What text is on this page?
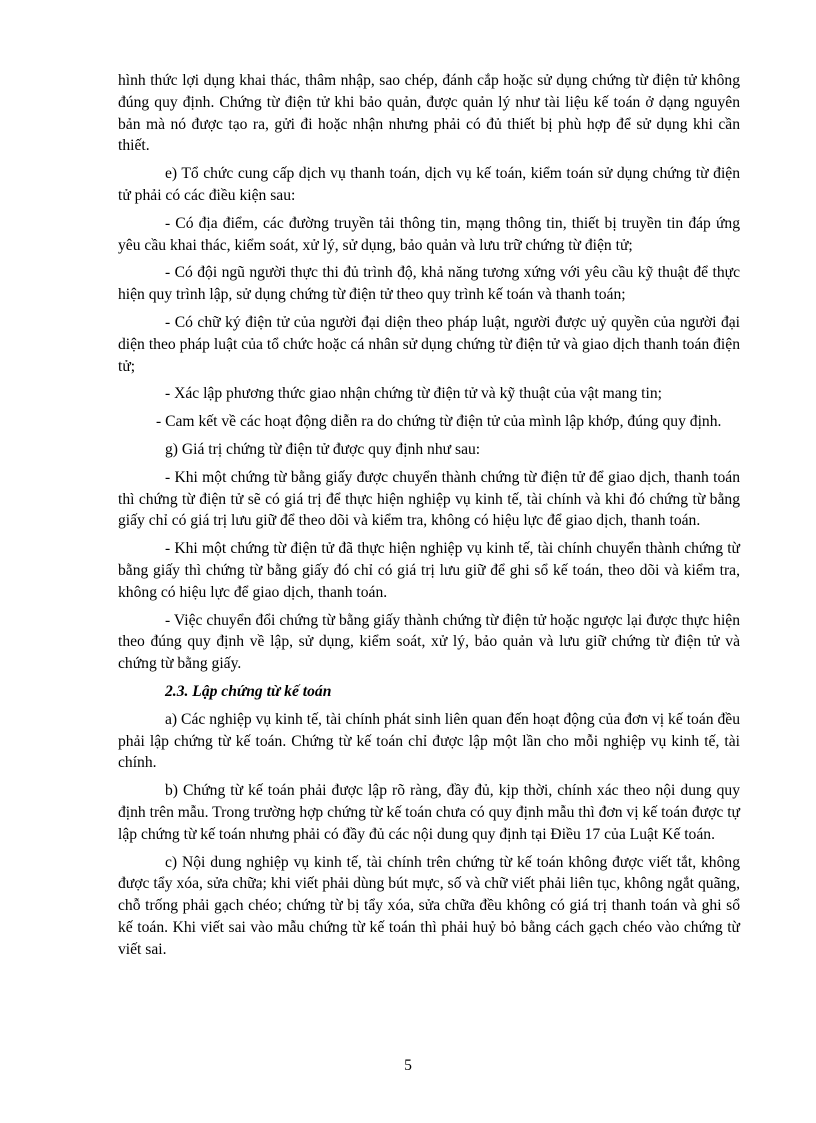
hình thức lợi dụng khai thác, thâm nhập, sao chép, đánh cắp hoặc sử dụng chứng từ điện tử không đúng quy định. Chứng từ điện tử khi bảo quản, được quản lý như tài liệu kế toán ở dạng nguyên bản mà nó được tạo ra, gửi đi hoặc nhận nhưng phải có đủ thiết bị phù hợp để sử dụng khi cần thiết.

e) Tổ chức cung cấp dịch vụ thanh toán, dịch vụ kế toán, kiểm toán sử dụng chứng từ điện tử phải có các điều kiện sau:

- Có địa điểm, các đường truyền tải thông tin, mạng thông tin, thiết bị truyền tin đáp ứng yêu cầu khai thác, kiểm soát, xử lý, sử dụng, bảo quản và lưu trữ chứng từ điện tử;

- Có đội ngũ người thực thi đủ trình độ, khả năng tương xứng với yêu cầu kỹ thuật để thực hiện quy trình lập, sử dụng chứng từ điện tử theo quy trình kế toán và thanh toán;

- Có chữ ký điện tử của người đại diện theo pháp luật, người được uỷ quyền của người đại diện theo pháp luật của tổ chức hoặc cá nhân sử dụng chứng từ điện tử và giao dịch thanh toán điện tử;

- Xác lập phương thức giao nhận chứng từ điện tử và kỹ thuật của vật mang tin;

- Cam kết về các hoạt động diễn ra do chứng từ điện tử của mình lập khớp, đúng quy định.

g) Giá trị chứng từ điện tử được quy định như sau:

- Khi một chứng từ bằng giấy được chuyển thành chứng từ điện tử để giao dịch, thanh toán thì chứng từ điện tử sẽ có giá trị để thực hiện nghiệp vụ kinh tế, tài chính và khi đó chứng từ bằng giấy chỉ có giá trị lưu giữ để theo dõi và kiểm tra, không có hiệu lực để giao dịch, thanh toán.

- Khi một chứng từ điện tử đã thực hiện nghiệp vụ kinh tế, tài chính chuyển thành chứng từ bằng giấy thì chứng từ bằng giấy đó chỉ có giá trị lưu giữ để ghi sổ kế toán, theo dõi và kiểm tra, không có hiệu lực để giao dịch, thanh toán.

- Việc chuyển đổi chứng từ bằng giấy thành chứng từ điện tử hoặc ngược lại được thực hiện theo đúng quy định về lập, sử dụng, kiểm soát, xử lý, bảo quản và lưu giữ chứng từ điện tử và chứng từ bằng giấy.

2.3. Lập chứng từ kế toán

a) Các nghiệp vụ kinh tế, tài chính phát sinh liên quan đến hoạt động của đơn vị kế toán đều phải lập chứng từ kế toán. Chứng từ kế toán chỉ được lập một lần cho mỗi nghiệp vụ kinh tế, tài chính.

b) Chứng từ kế toán phải được lập rõ ràng, đầy đủ, kịp thời, chính xác theo nội dung quy định trên mẫu. Trong trường hợp chứng từ kế toán chưa có quy định mẫu thì đơn vị kế toán được tự lập chứng từ kế toán nhưng phải có đầy đủ các nội dung quy định tại Điều 17 của Luật Kế toán.

c) Nội dung nghiệp vụ kinh tế, tài chính trên chứng từ kế toán không được viết tắt, không được tẩy xóa, sửa chữa; khi viết phải dùng bút mực, số và chữ viết phải liên tục, không ngắt quãng, chỗ trống phải gạch chéo; chứng từ bị tẩy xóa, sửa chữa đều không có giá trị thanh toán và ghi sổ kế toán. Khi viết sai vào mẫu chứng từ kế toán thì phải huỷ bỏ bằng cách gạch chéo vào chứng từ viết sai.

5
